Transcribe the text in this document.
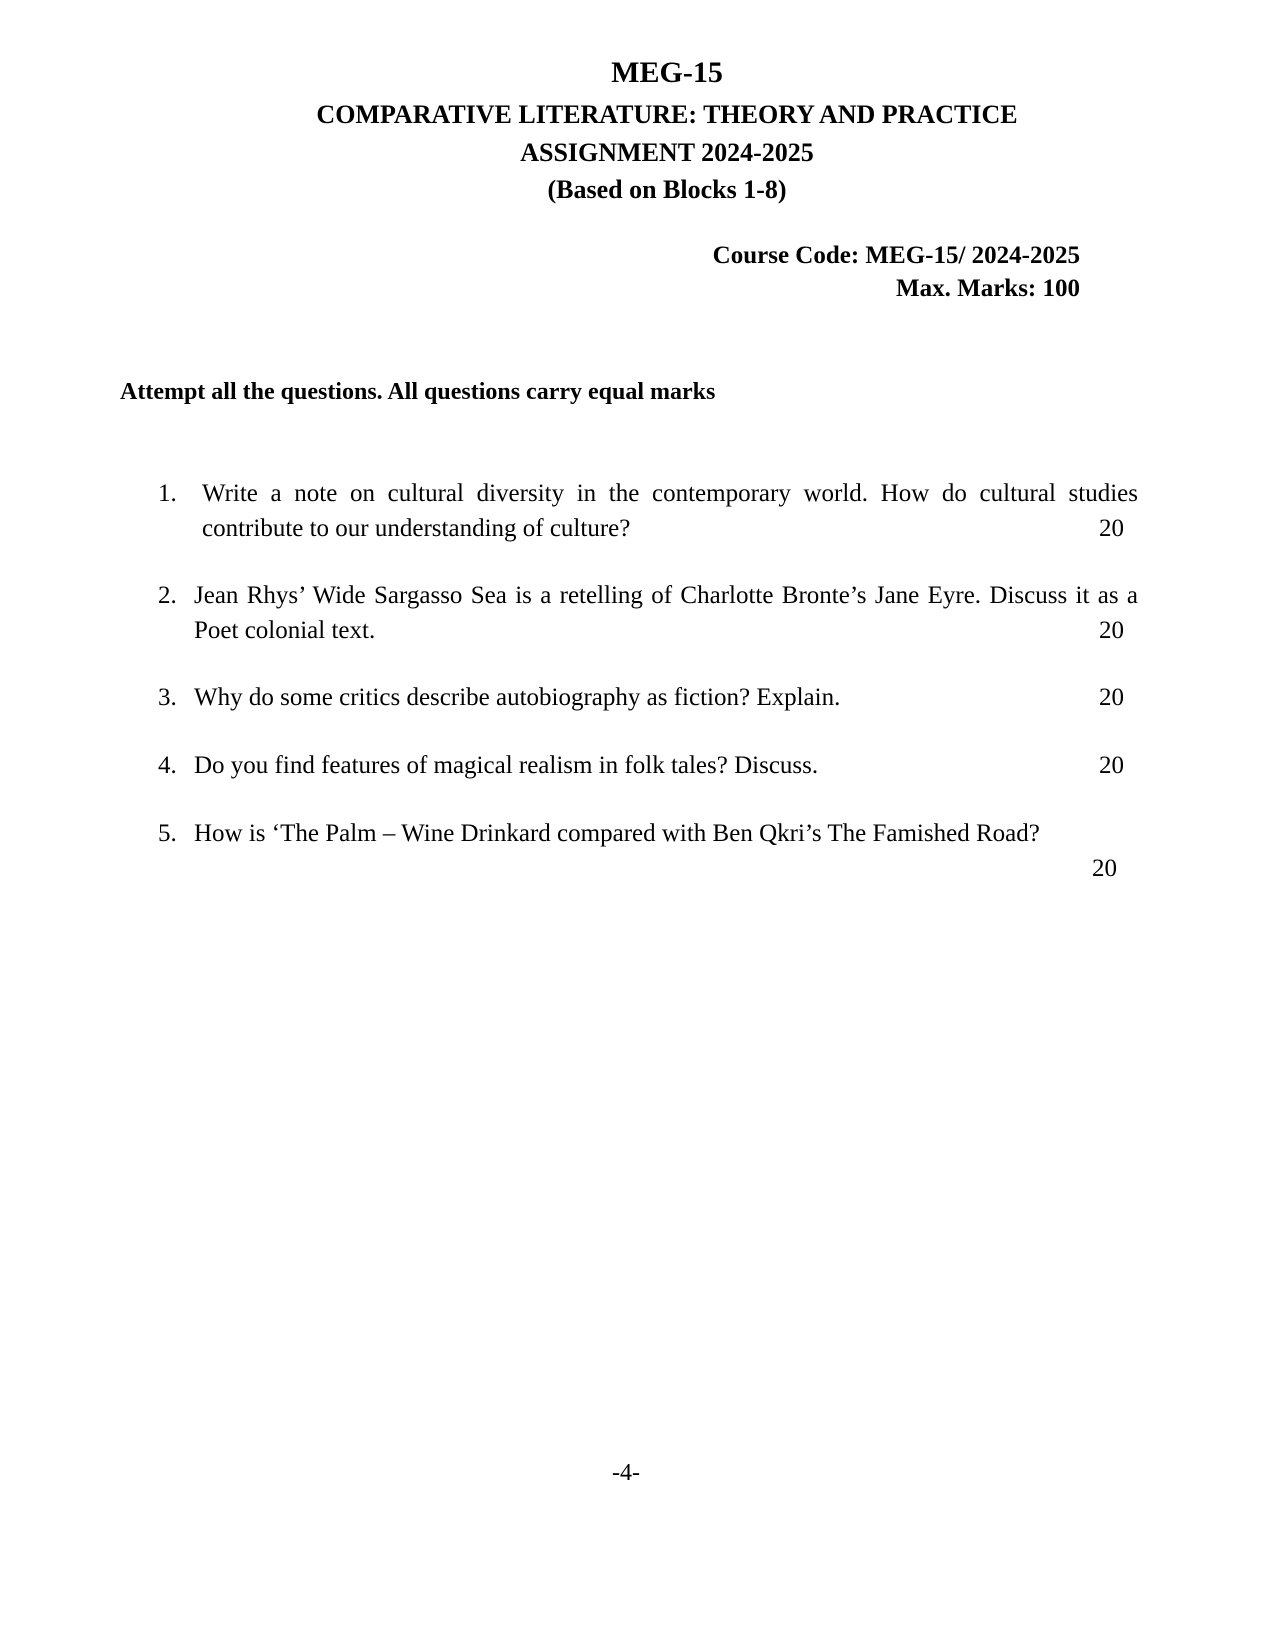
MEG-15
COMPARATIVE LITERATURE: THEORY AND PRACTICE
ASSIGNMENT 2024-2025
(Based on Blocks 1-8)
Course Code: MEG-15/ 2024-2025
Max. Marks: 100
Attempt all the questions. All questions carry equal marks
1.	Write a note on cultural diversity in the contemporary world. How do cultural studies contribute to our understanding of culture?	20
2. Jean Rhys’ Wide Sargasso Sea is a retelling of Charlotte Bronte’s Jane Eyre. Discuss it as a Poet colonial text.	20
3. Why do some critics describe autobiography as fiction? Explain.	20
4. Do you find features of magical realism in folk tales? Discuss.	20
5. How is ‘The Palm – Wine Drinkard compared with Ben Qkri’s The Famished Road?
20
-4-
